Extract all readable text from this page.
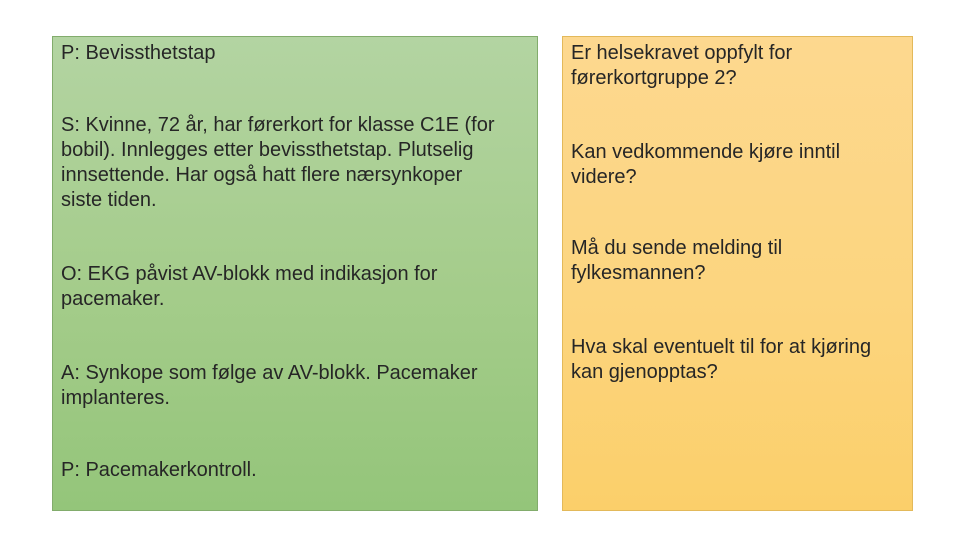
P: Bevissthetstap

S: Kvinne, 72 år, har førerkort for klasse C1E (for
bobil). Innlegges etter bevissthetstap. Plutselig
innsettende. Har også hatt flere nærsynkoper
siste tiden.

O: EKG påvist AV-blokk med indikasjon for
pacemaker.

A: Synkope som følge av AV-blokk. Pacemaker
implanteres.

P: Pacemakerkontroll.

Er helsekravet oppfylt for
førerkortgruppe 2?

Kan vedkommende kjøre inntil
videre?

Må du sende melding til
fylkesmannen?

Hva skal eventuelt til for at kjøring
kan gjenopptas?
